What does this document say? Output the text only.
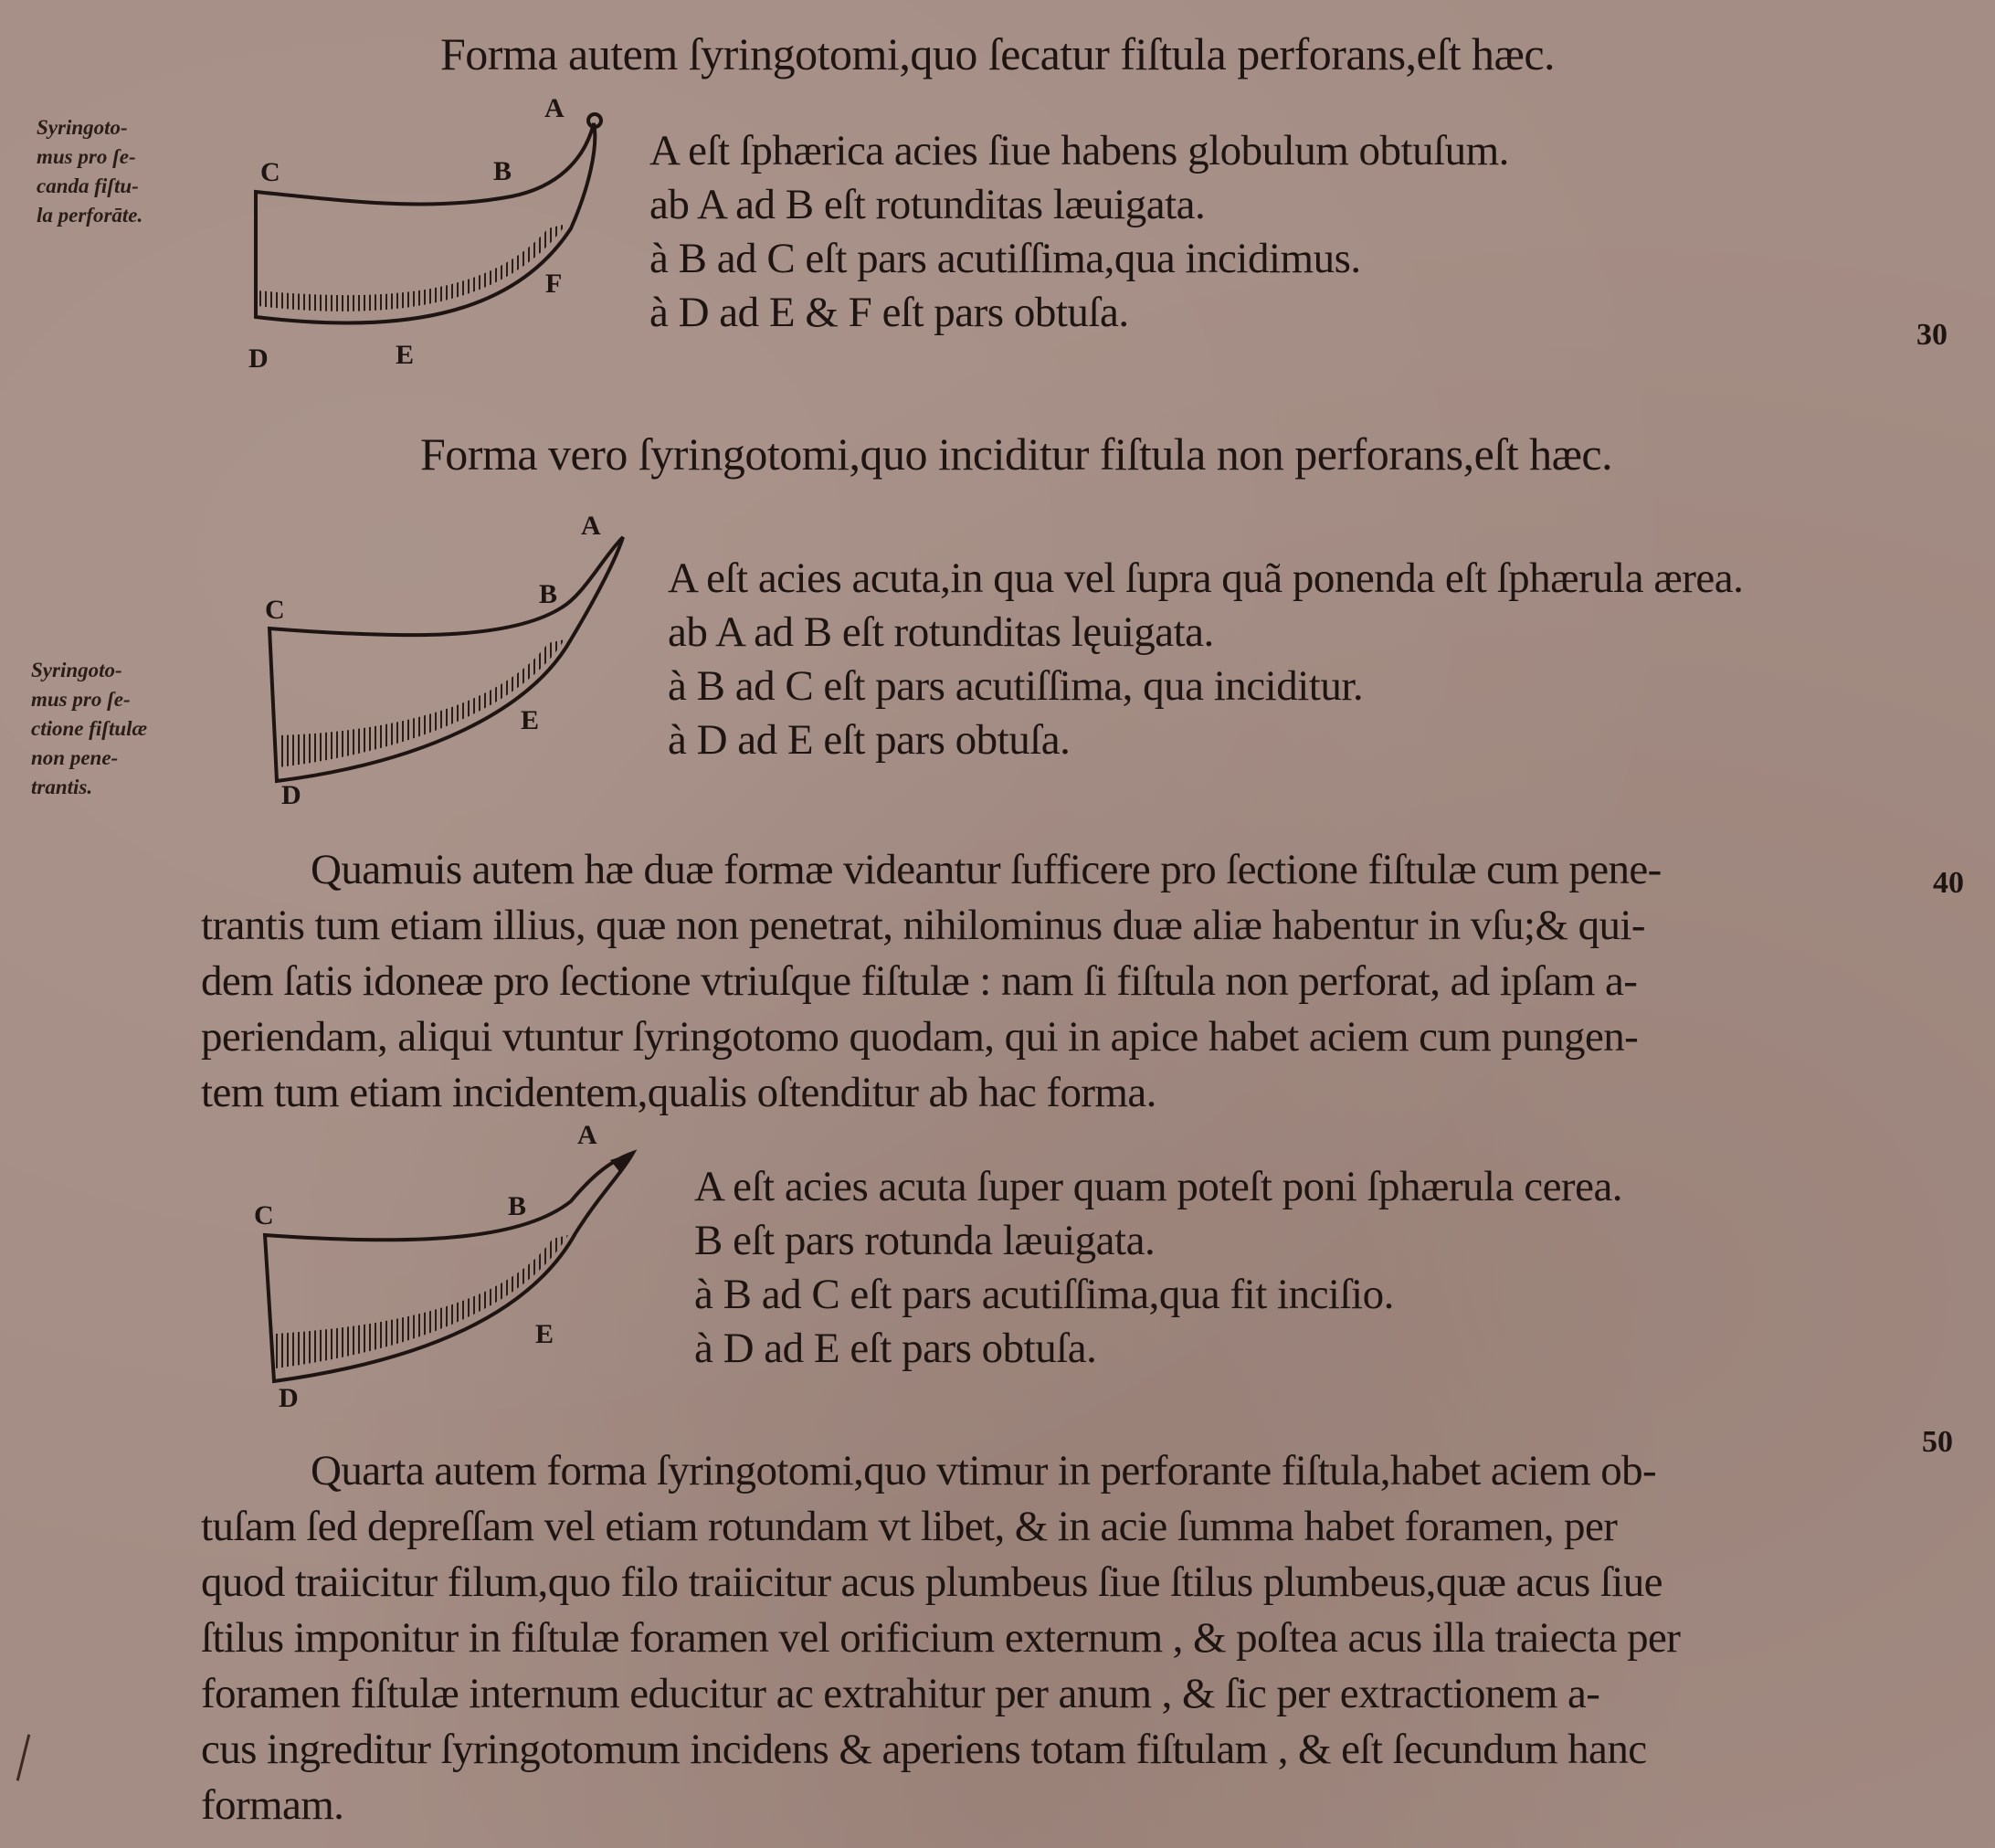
Forma autem ſyringotomi,quo ſecatur fiſtula perforans,eſt hæc.
Syringoto-
mus pro ſe-
canda fiſtu-
la perforāte.
A
B
C
D	E
F
A eſt ſphærica acies ſiue habens globulum obtuſum.
ab A ad B eſt rotunditas læuigata.
à B ad C eſt pars acutiſſima,qua incidimus.
à D ad E & F eſt pars obtuſa.	30
Forma vero ſyringotomi,quo inciditur fiſtula non perforans,eſt hæc.
Syringoto-
mus pro ſe-
ctione fiſtulæ
non pene-
trantis.
A
B
C
D
E
A eſt acies acuta,in qua vel ſupra quã ponenda eſt ſphærula ærea.
ab A ad B eſt rotunditas lęuigata.
à B ad C eſt pars acutiſſima, qua inciditur.
à D ad E eſt pars obtuſa.
40
Quamuis autem hæ duæ formæ videantur ſufficere pro ſectione fiſtulæ cum pene-
trantis tum etiam illius, quæ non penetrat, nihilominus duæ aliæ habentur in vſu;& qui-
dem ſatis idoneæ pro ſectione vtriuſque fiſtulæ : nam ſi fiſtula non perforat, ad ipſam a-
periendam, aliqui vtuntur ſyringotomo quodam, qui in apice habet aciem cum pungen-
tem tum etiam incidentem,qualis oſtenditur ab hac forma.
A
B
C
D
E
A eſt acies acuta ſuper quam poteſt poni ſphærula cerea.
B eſt pars rotunda læuigata.
à B ad C eſt pars acutiſſima,qua fit inciſio.
à D ad E eſt pars obtuſa.
50
Quarta autem forma ſyringotomi,quo vtimur in perforante fiſtula,habet aciem ob-
tuſam ſed depreſſam vel etiam rotundam vt libet, & in acie ſumma habet foramen, per
quod traiicitur filum,quo filo traiicitur acus plumbeus ſiue ſtilus plumbeus,quæ acus ſiue
ſtilus imponitur in fiſtulæ foramen vel orificium externum , & poſtea acus illa traiecta per
foramen fiſtulæ internum educitur ac extrahitur per anum , & ſic per extractionem a-
cus ingreditur ſyringotomum incidens & aperiens totam fiſtulam , & eſt ſecundum hanc
formam.
